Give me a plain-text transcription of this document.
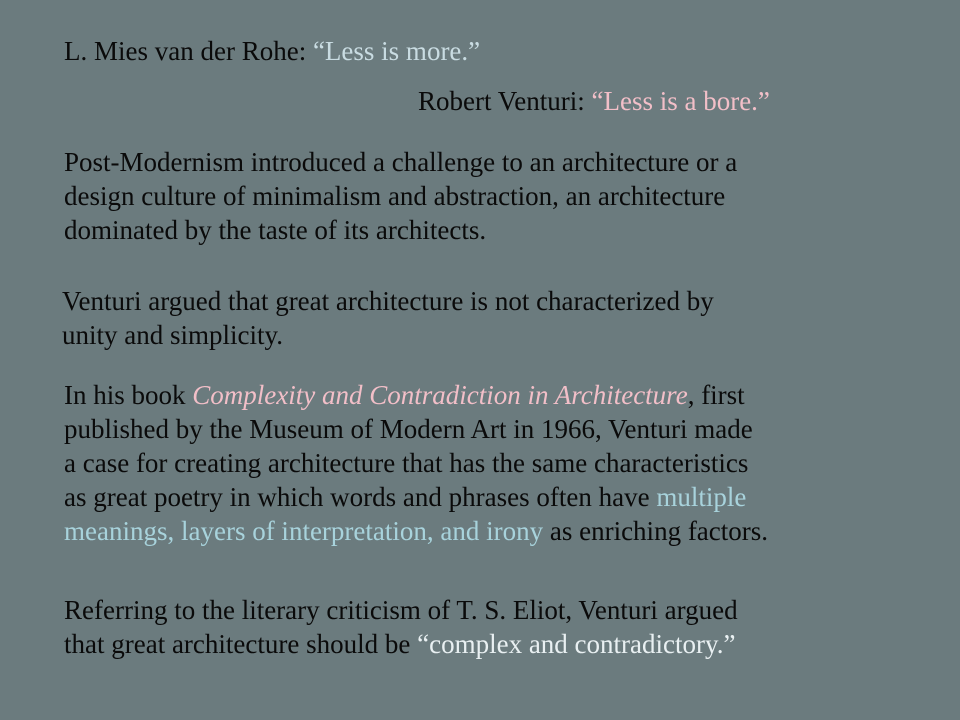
L. Mies van der Rohe: “Less is more.”
Robert Venturi: “Less is a bore.”
Post-Modernism introduced a challenge to an architecture or a
design culture of minimalism and abstraction, an architecture
dominated by the taste of its architects.
Venturi argued that great architecture is not characterized by
unity and simplicity.
In his book Complexity and Contradiction in Architecture, first
published by the Museum of Modern Art in 1966, Venturi made
a case for creating architecture that has the same characteristics
as great poetry in which words and phrases often have multiple
meanings, layers of interpretation, and irony as enriching factors.
Referring to the literary criticism of T. S. Eliot, Venturi argued
that great architecture should be “complex and contradictory.”
